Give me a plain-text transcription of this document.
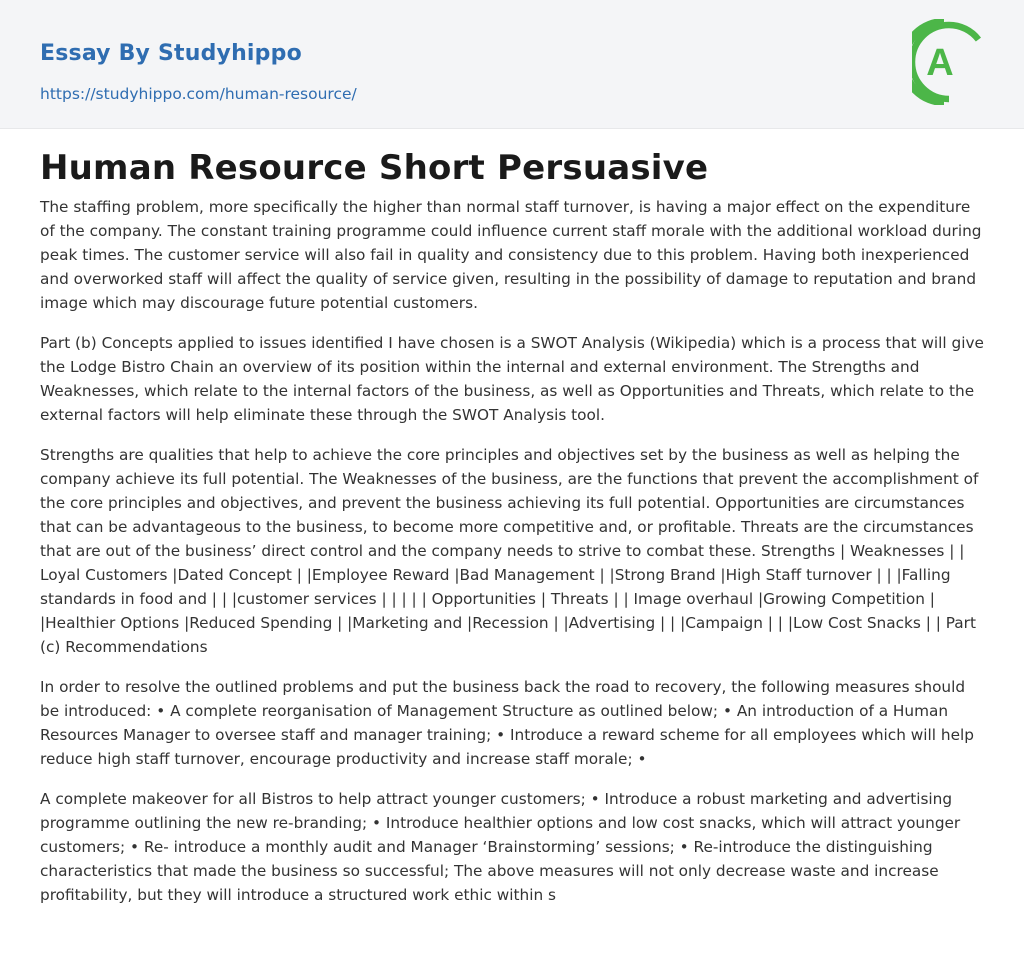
Essay By Studyhippo
https://studyhippo.com/human-resource/
A
Human Resource Short Persuasive

The staffing problem, more specifically the higher than normal staff turnover, is having a major effect on the expenditure of the company. The constant training programme could influence current staff morale with the additional workload during peak times. The customer service will also fail in quality and consistency due to this problem. Having both inexperienced and overworked staff will affect the quality of service given, resulting in the possibility of damage to reputation and brand image which may discourage future potential customers.

Part (b) Concepts applied to issues identified I have chosen is a SWOT Analysis (Wikipedia) which is a process that will give the Lodge Bistro Chain an overview of its position within the internal and external environment. The Strengths and Weaknesses, which relate to the internal factors of the business, as well as Opportunities and Threats, which relate to the external factors will help eliminate these through the SWOT Analysis tool.

Strengths are qualities that help to achieve the core principles and objectives set by the business as well as helping the company achieve its full potential. The Weaknesses of the business, are the functions that prevent the accomplishment of the core principles and objectives, and prevent the business achieving its full potential. Opportunities are circumstances that can be advantageous to the business, to become more competitive and, or profitable. Threats are the circumstances that are out of the business’ direct control and the company needs to strive to combat these. Strengths | Weaknesses | | Loyal Customers |Dated Concept | |Employee Reward |Bad Management | |Strong Brand |High Staff turnover | | |Falling standards in food and | | |customer services | | | | | Opportunities | Threats | | Image overhaul |Growing Competition | |Healthier Options |Reduced Spending | |Marketing and |Recession | |Advertising | | |Campaign | | |Low Cost Snacks | | Part (c) Recommendations

In order to resolve the outlined problems and put the business back the road to recovery, the following measures should be introduced: • A complete reorganisation of Management Structure as outlined below; • An introduction of a Human Resources Manager to oversee staff and manager training; • Introduce a reward scheme for all employees which will help reduce high staff turnover, encourage productivity and increase staff morale; •

A complete makeover for all Bistros to help attract younger customers; • Introduce a robust marketing and advertising programme outlining the new re-branding; • Introduce healthier options and low cost snacks, which will attract younger customers; • Re- introduce a monthly audit and Manager ‘Brainstorming’ sessions; • Re-introduce the distinguishing characteristics that made the business so successful; The above measures will not only decrease waste and increase profitability, but they will introduce a structured work ethic within s
